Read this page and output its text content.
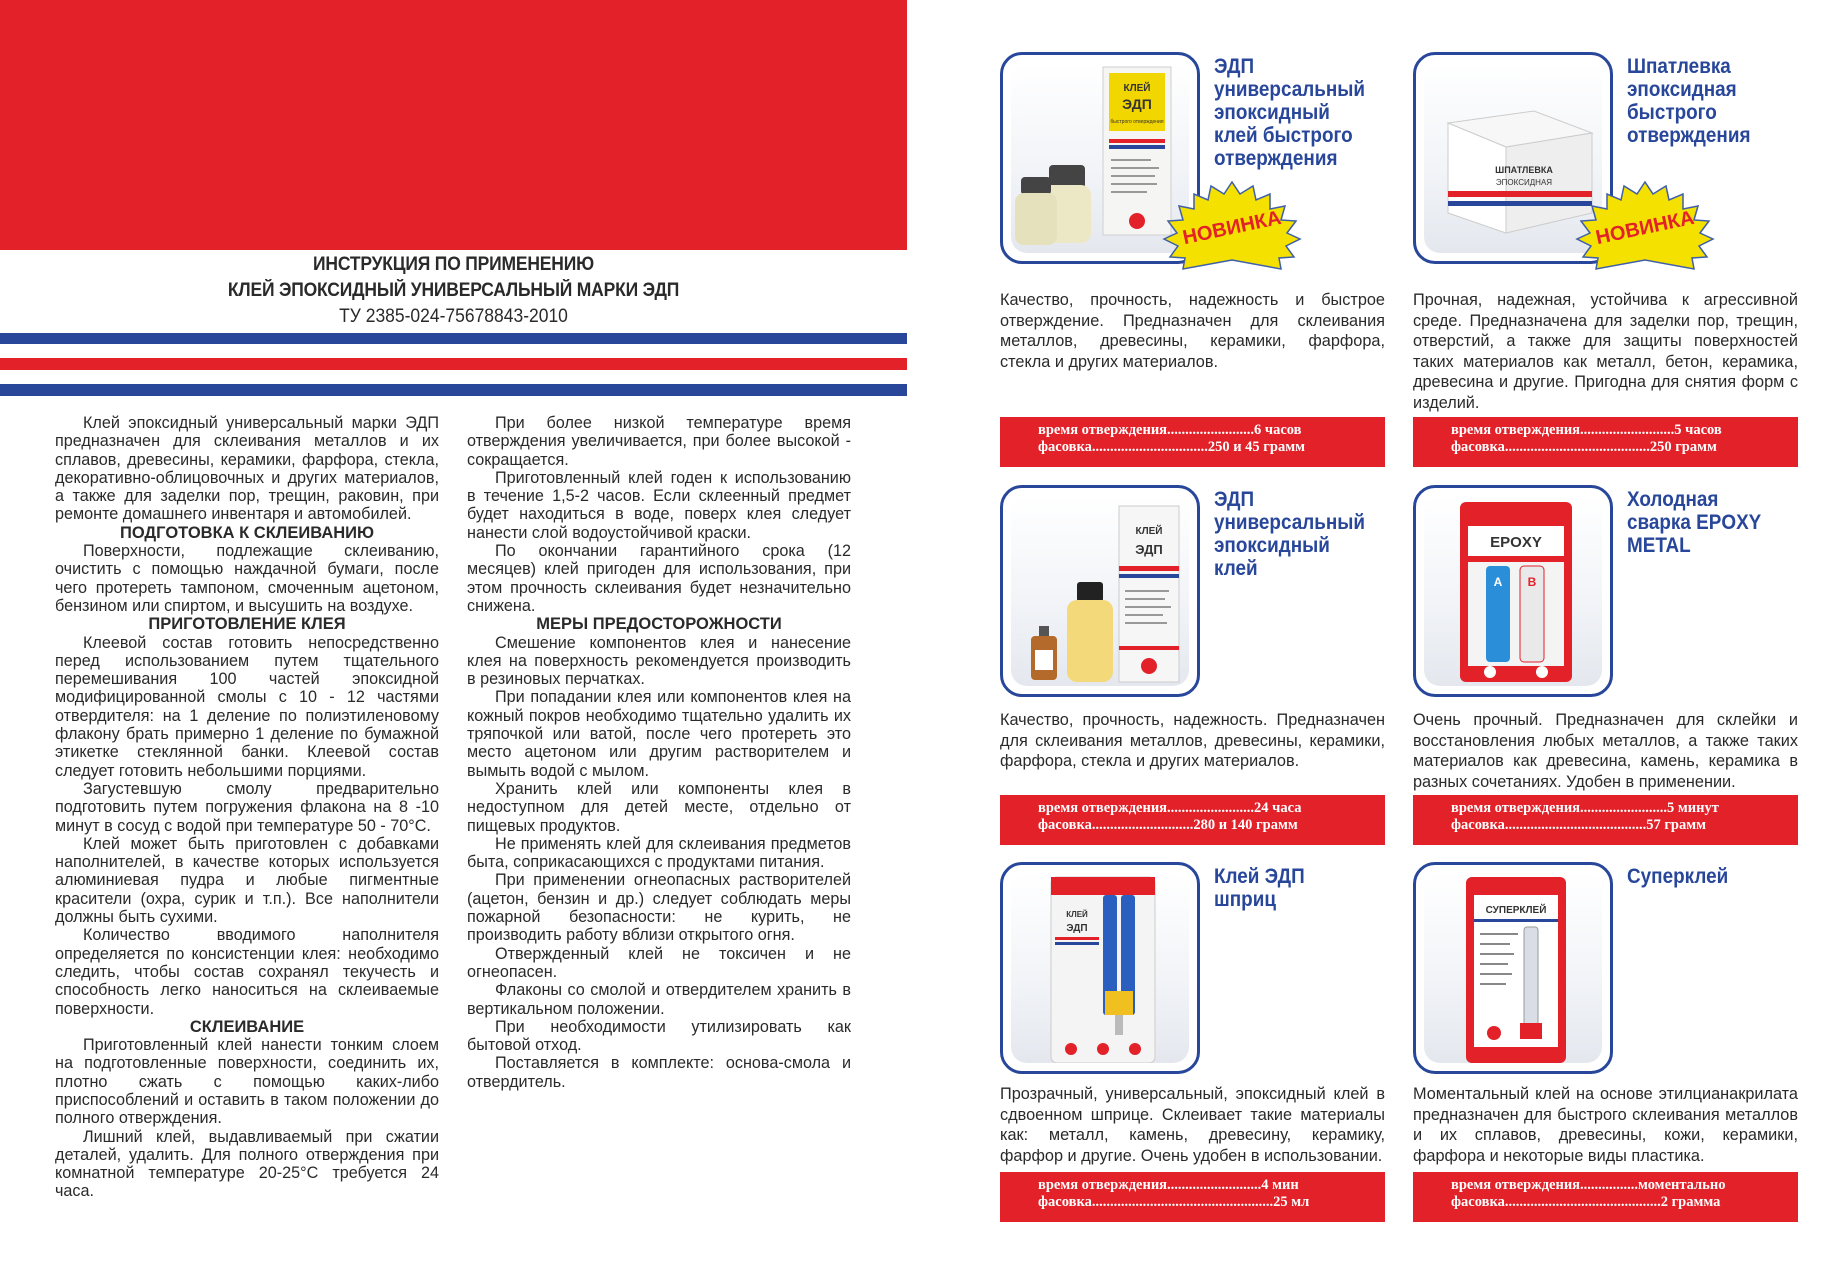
ИНСТРУКЦИЯ ПО ПРИМЕНЕНИЮ
КЛЕЙ ЭПОКСИДНЫЙ УНИВЕРСАЛЬНЫЙ МАРКИ ЭДП
ТУ 2385-024-75678843-2010

Клей эпоксидный универсальный марки ЭДП предназначен для склеивания металлов и их сплавов, древесины, керамики, фарфора, стекла, декоративно-облицовочных и других материалов, а также для заделки пор, трещин, раковин, при ремонте домашнего инвентаря и автомобилей.

ПОДГОТОВКА К СКЛЕИВАНИЮ

Поверхности, подлежащие склеиванию, очистить с помощью наждачной бумаги, после чего протереть тампоном, смоченным ацетоном, бензином или спиртом, и высушить на воздухе.

ПРИГОТОВЛЕНИЕ КЛЕЯ

Клеевой состав готовить непосредственно перед использованием путем тщательного перемешивания 100 частей эпоксидной модифицированной смолы с 10 - 12 частями отвердителя: на 1 деление по полиэтиленовому флакону брать примерно 1 деление по бумажной этикетке стеклянной банки. Клеевой состав следует готовить небольшими порциями.

Загустевшую смолу предварительно подготовить путем погружения флакона на 8 -10 минут в сосуд с водой при температуре 50 - 70°С.

Клей может быть приготовлен с добавками наполнителей, в качестве которых используется алюминиевая пудра и любые пигментные красители (охра, сурик и т.п.). Все наполнители должны быть сухими.

Количество вводимого наполнителя определяется по консистенции клея: необходимо следить, чтобы состав сохранял текучесть и способность легко наноситься на склеиваемые поверхности.

СКЛЕИВАНИЕ

Приготовленный клей нанести тонким слоем на подготовленные поверхности, соединить их, плотно сжать с помощью каких-либо приспособлений и оставить в таком положении до полного отверждения.

Лишний клей, выдавливаемый при сжатии деталей, удалить. Для полного отверждения при комнатной температуре 20-25°С требуется 24 часа.

При более низкой температуре время отверждения увеличивается, при более высокой - сокращается.

Приготовленный клей годен к использованию в течение 1,5-2 часов. Если склеенный предмет будет находиться в воде, поверх клея следует нанести слой водоустойчивой краски.

По окончании гарантийного срока (12 месяцев) клей пригоден для использования, при этом прочность склеивания будет незначительно снижена.

МЕРЫ ПРЕДОСТОРОЖНОСТИ

Смешение компонентов клея и нанесение клея на поверхность рекомендуется производить в резиновых перчатках.

При попадании клея или компонентов клея на кожный покров необходимо тщательно удалить их тряпочкой или ватой, после чего протереть это место ацетоном или другим растворителем и вымыть водой с мылом.

Хранить клей или компоненты клея в недоступном для детей месте, отдельно от пищевых продуктов.

Не применять клей для склеивания предметов быта, соприкасающихся с продуктами питания.

При применении огнеопасных растворителей (ацетон, бензин и др.) следует соблюдать меры пожарной безопасности: не курить, не производить работу вблизи открытого огня.

Отвержденный клей не токсичен и не огнеопасен.

Флаконы со смолой и отвердителем хранить в вертикальном положении.

При необходимости утилизировать как бытовой отход.

Поставляется в комплекте: основа-смола и отвердитель.

КЛЕЙ
ЭДП
быстрого отверждения
НОВИНКА
ЭДП универсальный эпоксидный клей быстрого отверждения
Качество, прочность, надежность и быстрое отверждение. Предназначен для склеивания металлов, древесины, керамики, фарфора, стекла и других материалов.
время отверждения........................6 часов
фасовка................................250 и 45 грамм
ШПАТЛЕВКА
ЭПОКСИДНАЯ
НОВИНКА
Шпатлевка эпоксидная быстрого отверждения
Прочная, надежная, устойчива к агрессивной среде. Предназначена для заделки пор, трещин, отверстий, а также для защиты поверхностей таких материалов как металл, бетон, керамика, древесина и другие. Пригодна для снятия форм с изделий.
время отверждения..........................5 часов
фасовка........................................250 грамм
КЛЕЙ
ЭДП
ЭДП универсальный эпоксидный клей
Качество, прочность, надежность. Предназначен для склеивания металлов, древесины, керамики, фарфора, стекла и других материалов.
время отверждения........................24 часа
фасовка............................280 и 140 грамм
EPOXY
A B
Холодная сварка EPOXY METAL
Очень прочный. Предназначен для склейки и восстановления любых металлов, а также таких материалов как древесина, камень, керамика в разных сочетаниях. Удобен в применении.
время отверждения........................5 минут
фасовка.......................................57 грамм
КЛЕЙ
ЭДП
Клей ЭДП шприц
Прозрачный, универсальный, эпоксидный клей в сдвоенном шприце. Склеивает такие материалы как: металл, камень, древесину, керамику, фарфор и другие. Очень удобен в использовании.
время отверждения..........................4 мин
фасовка..................................................25 мл
СУПЕРКЛЕЙ
Суперклей
Моментальный клей на основе этилцианакрилата предназначен для быстрого склеивания металлов и их сплавов, древесины, кожи, керамики, фарфора и некоторые виды пластика.
время отверждения................моментально
фасовка...........................................2 грамма
